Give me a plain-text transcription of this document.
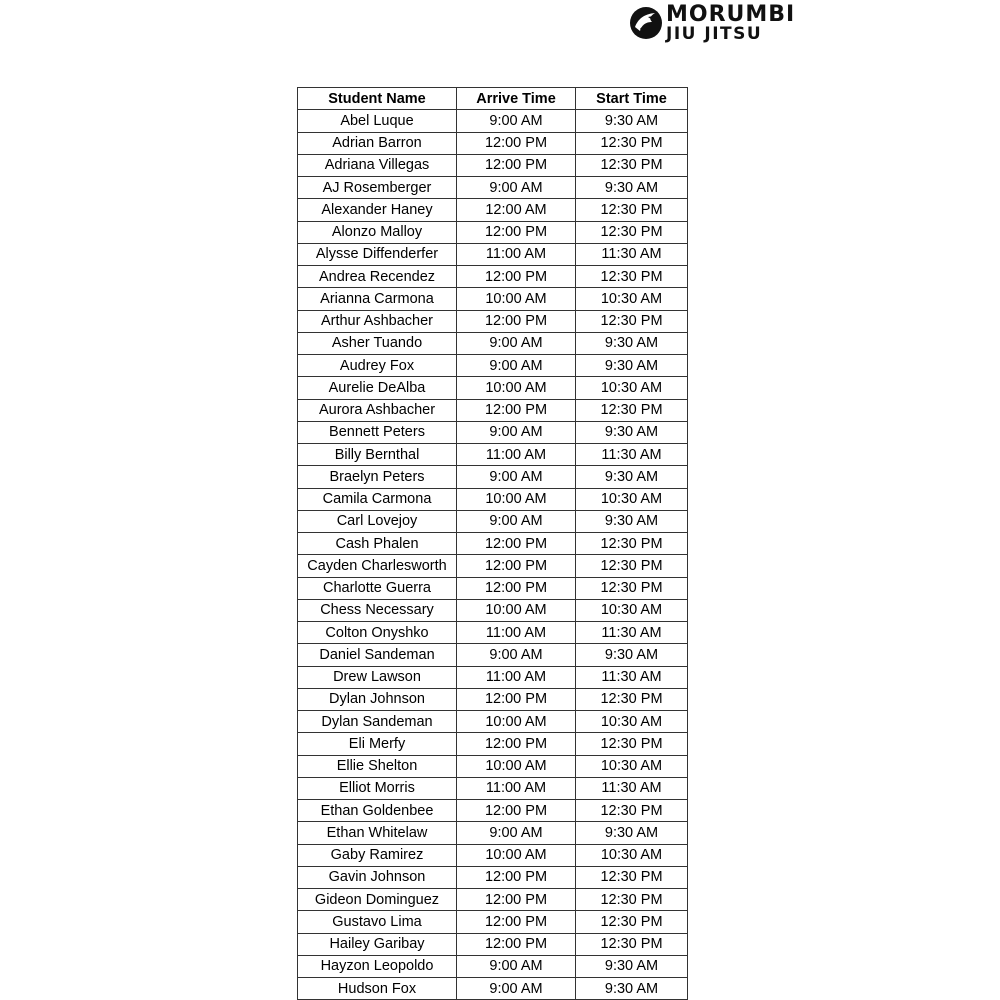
MORUMBI
JIU JITSU
Student Name	Arrive Time	Start Time
Abel Luque	9:00 AM	9:30 AM
Adrian Barron	12:00 PM	12:30 PM
Adriana Villegas	12:00 PM	12:30 PM
AJ Rosemberger	9:00 AM	9:30 AM
Alexander Haney	12:00 AM	12:30 PM
Alonzo Malloy	12:00 PM	12:30 PM
Alysse Diffenderfer	11:00 AM	11:30 AM
Andrea Recendez	12:00 PM	12:30 PM
Arianna Carmona	10:00 AM	10:30 AM
Arthur Ashbacher	12:00 PM	12:30 PM
Asher Tuando	9:00 AM	9:30 AM
Audrey Fox	9:00 AM	9:30 AM
Aurelie DeAlba	10:00 AM	10:30 AM
Aurora Ashbacher	12:00 PM	12:30 PM
Bennett Peters	9:00 AM	9:30 AM
Billy Bernthal	11:00 AM	11:30 AM
Braelyn Peters	9:00 AM	9:30 AM
Camila Carmona	10:00 AM	10:30 AM
Carl Lovejoy	9:00 AM	9:30 AM
Cash Phalen	12:00 PM	12:30 PM
Cayden Charlesworth	12:00 PM	12:30 PM
Charlotte Guerra	12:00 PM	12:30 PM
Chess Necessary	10:00 AM	10:30 AM
Colton Onyshko	11:00 AM	11:30 AM
Daniel Sandeman	9:00 AM	9:30 AM
Drew Lawson	11:00 AM	11:30 AM
Dylan Johnson	12:00 PM	12:30 PM
Dylan Sandeman	10:00 AM	10:30 AM
Eli Merfy	12:00 PM	12:30 PM
Ellie Shelton	10:00 AM	10:30 AM
Elliot Morris	11:00 AM	11:30 AM
Ethan Goldenbee	12:00 PM	12:30 PM
Ethan Whitelaw	9:00 AM	9:30 AM
Gaby Ramirez	10:00 AM	10:30 AM
Gavin Johnson	12:00 PM	12:30 PM
Gideon Dominguez	12:00 PM	12:30 PM
Gustavo Lima	12:00 PM	12:30 PM
Hailey Garibay	12:00 PM	12:30 PM
Hayzon Leopoldo	9:00 AM	9:30 AM
Hudson Fox	9:00 AM	9:30 AM
